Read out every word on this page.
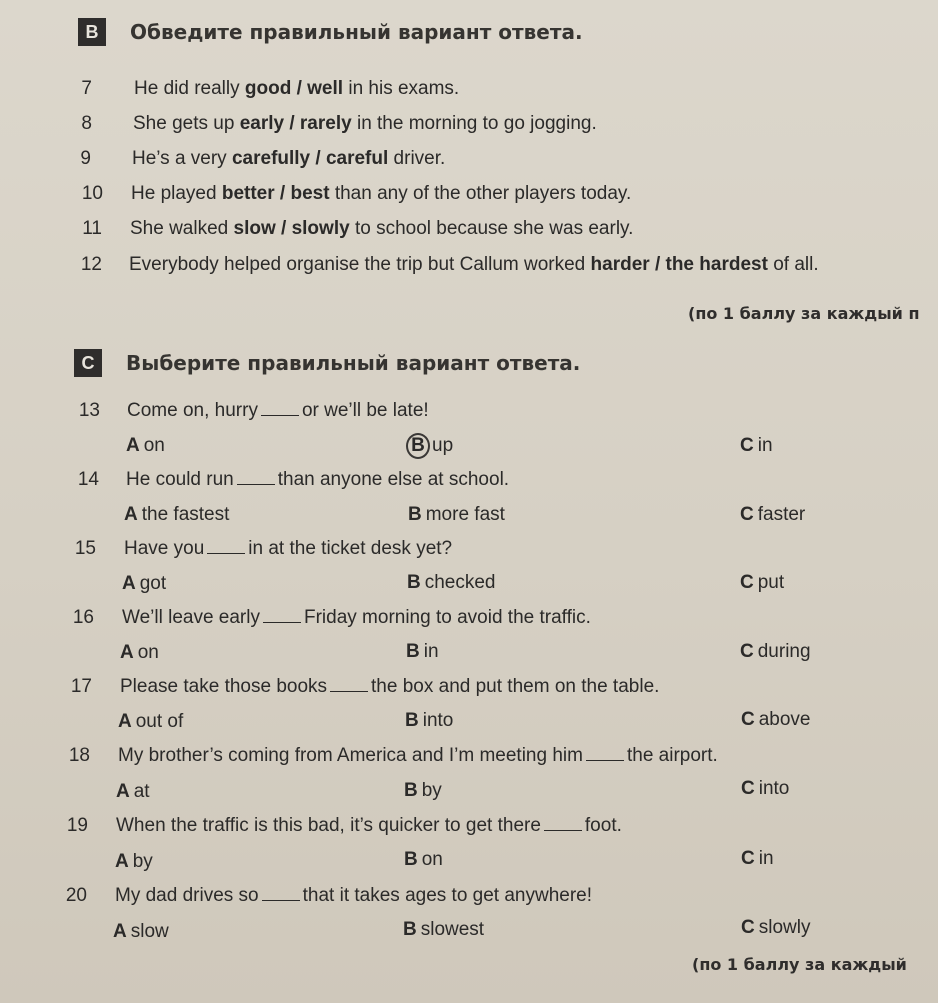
B	Обведите правильный вариант ответа.
7 He did really good / well in his exams.
8 She gets up early / rarely in the morning to go jogging.
9 He’s a very carefully / careful driver.
10 He played better / best than any of the other players today.
11 She walked slow / slowly to school because she was early.
12 Everybody helped organise the trip but Callum worked harder / the hardest of all.
(по 1 баллу за каждый п
C	Выберите правильный вариант ответа.
13 Come on, hurry or we’ll be late!
A on	B up	C in
14 He could run than anyone else at school.
A the fastest	B more fast	C faster
15 Have you in at the ticket desk yet?
A got	B checked	C put
16 We’ll leave early Friday morning to avoid the traffic.
A on	B in	C during
17 Please take those books the box and put them on the table.
A out of	B into	C above
18 My brother’s coming from America and I’m meeting him the airport.
A at	B by	C into
19 When the traffic is this bad, it’s quicker to get there foot.
A by	B on	C in
20 My dad drives so that it takes ages to get anywhere!
A slow	B slowest	C slowly
(по 1 баллу за каждый
